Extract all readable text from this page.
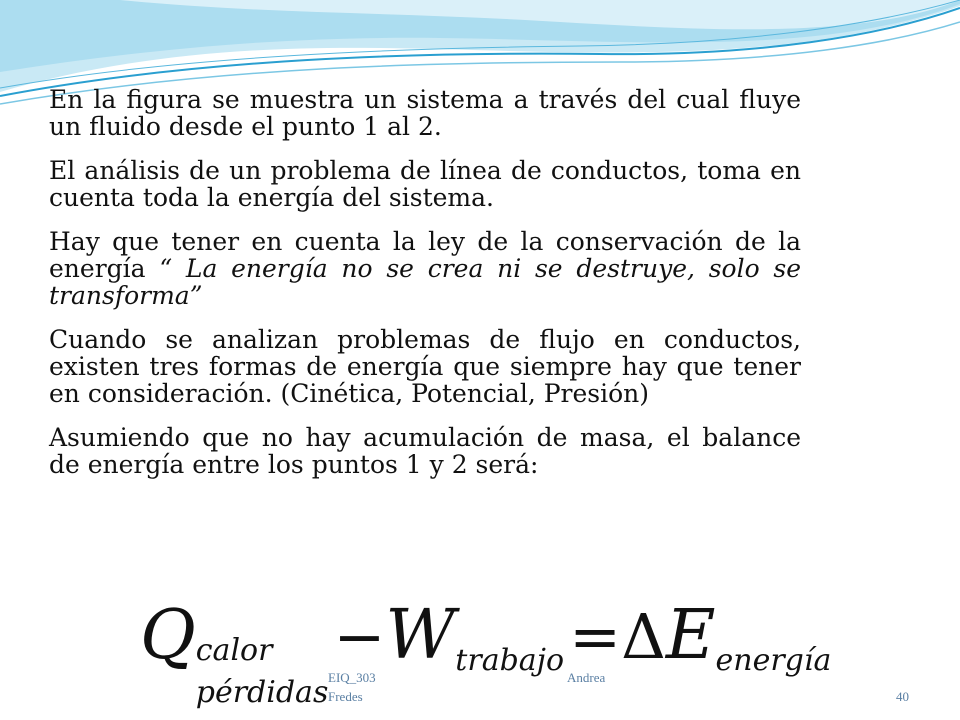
En la figura se muestra un sistema a través del cual fluye un fluido desde el punto 1 al 2.

El análisis de un problema de línea de conductos, toma en cuenta toda la energía del sistema.

Hay que tener en cuenta la ley de la conservación de la energía “ La energía no se crea ni se destruye, solo se transforma”

Cuando se analizan problemas de flujo en conductos, existen tres formas de energía que siempre hay que tener en consideración. (Cinética, Potencial, Presión)

Asumiendo que no hay acumulación de masa, el balance de energía entre los puntos 1 y 2 será:

Qcalor
pérdidas −Wtrabajo =ΔEenergía
EIQ_303	Andrea
Fredes	40
